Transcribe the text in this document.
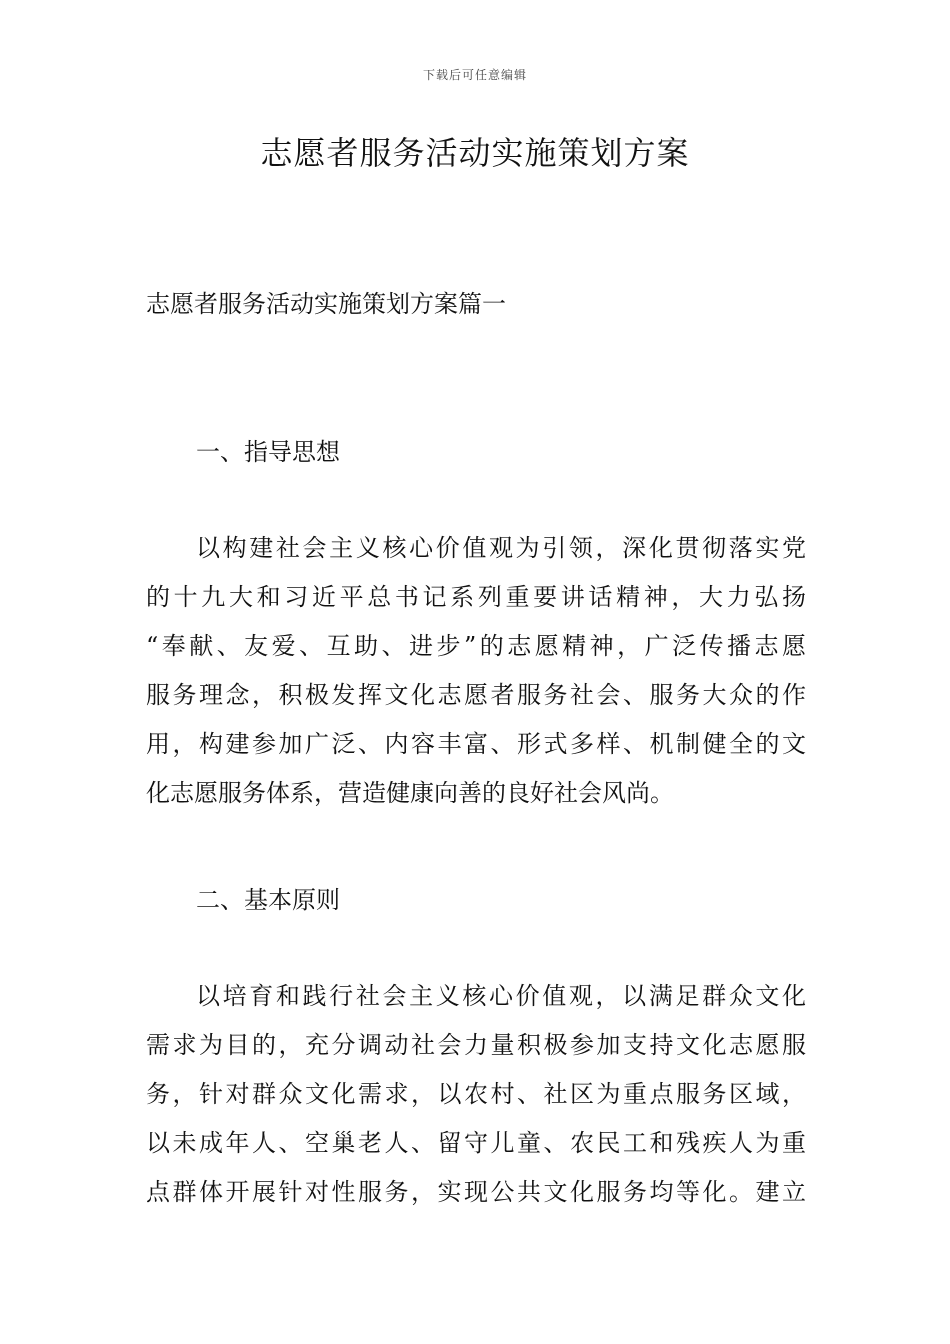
下载后可任意编辑
志愿者服务活动实施策划方案

志愿者服务活动实施策划方案篇一

一、指导思想
以构建社会主义核心价值观为引领，深化贯彻落实党
的十九大和习近平总书记系列重要讲话精神，大力弘扬
“奉献、友爱、互助、进步”的志愿精神，广泛传播志愿
服务理念，积极发挥文化志愿者服务社会、服务大众的作
用，构建参加广泛、内容丰富、形式多样、机制健全的文
化志愿服务体系，营造健康向善的良好社会风尚。
二、基本原则
以培育和践行社会主义核心价值观，以满足群众文化
需求为目的，充分调动社会力量积极参加支持文化志愿服
务，针对群众文化需求，以农村、社区为重点服务区域，
以未成年人、空巢老人、留守儿童、农民工和残疾人为重
点群体开展针对性服务，实现公共文化服务均等化。建立
